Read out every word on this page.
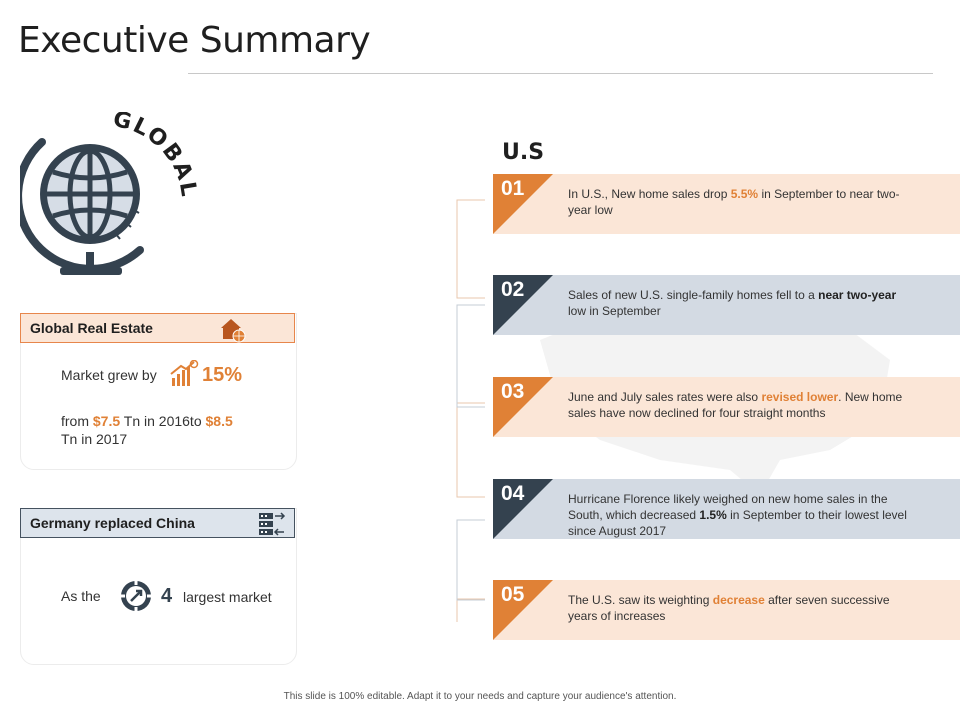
Executive Summary
GLOBAL
Global Real Estate
Market grew by 15%
from $7.5 Tn in 2016to $8.5
Tn in 2017
Germany replaced China
As the	4 largest market
U.S
01	In U.S., New home sales drop 5.5% in September to near two-year low
02	Sales of new U.S. single-family homes fell to a near two-year low in September
03	June and July sales rates were also revised lower. New home sales have now declined for four straight months
04	Hurricane Florence likely weighed on new home sales in the South, which decreased 1.5% in September to their lowest level since August 2017
05	The U.S. saw its weighting decrease after seven successive years of increases
This slide is 100% editable. Adapt it to your needs and capture your audience's attention.
